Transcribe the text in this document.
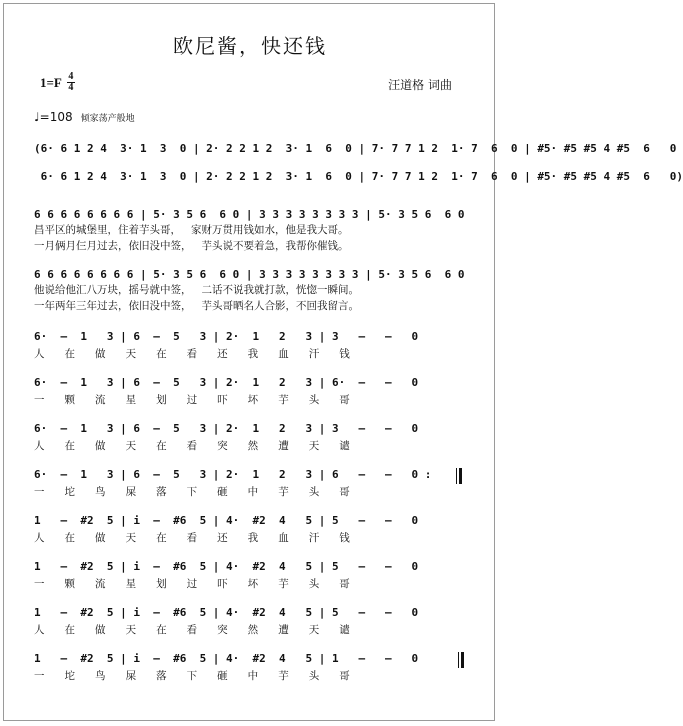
欧尼酱，快还钱
$1=F \frac{4}{4}$	汪道格 词曲
♩=108 倾家荡产般地
(6· 6 1 2 4  3· 1  3  0 | 2· 2 2 1 2  3· 1  6  0 | 7· 7 7 1 2  1· 7  6  0 | #5· #5 #5 4 #5  6   0
6· 6 1 2 4  3· 1  3  0 | 2· 2 2 1 2  3· 1  6  0 | 7· 7 7 1 2  1· 7  6  0 | #5· #5 #5 4 #5  6   0)
6 6 6 6 6 6 6 6 | 5· 3 5 6  6 0 | 3 3 3 3 3 3 3 3 | 5· 3 5 6  6 0
昌平区的城堡里，住着芋头哥，   家财万贯用钱如水，他是我大哥。
一月俩月仨月过去，依旧没中签，   芋头说不要着急，我帮你催钱。
6 6 6 6 6 6 6 6 | 5· 3 5 6  6 0 | 3 3 3 3 3 3 3 3 | 5· 3 5 6  6 0
他说给他汇八万块，摇号就中签，   二话不说我就打款，恍惚一瞬间。
一年两年三年过去，依旧没中签，   芋头哥晒名人合影，不回我留言。
6·  –  1   3 | 6  –  5   3 | 2·  1   2   3 | 3   –   –   0
人      在      做      天      在      看      还      我      血      汗      钱
6·  –  1   3 | 6  –  5   3 | 2·  1   2   3 | 6·  –   –   0
一      颗      流      星      划      过      吓      坏      芋      头      哥
6·  –  1   3 | 6  –  5   3 | 2·  1   2   3 | 3   –   –   0
人      在      做      天      在      看      突      然      遭      天      谴
6·  –  1   3 | 6  –  5   3 | 2·  1   2   3 | 6   –   –   0 :
一      坨      鸟      屎      落      下      砸      中      芋      头      哥
1   –  #2  5 | i  –  #6  5 | 4·  #2  4   5 | 5   –   –   0
人      在      做      天      在      看      还      我      血      汗      钱
1   –  #2  5 | i  –  #6  5 | 4·  #2  4   5 | 5   –   –   0
一      颗      流      星      划      过      吓      坏      芋      头      哥
1   –  #2  5 | i  –  #6  5 | 4·  #2  4   5 | 5   –   –   0
人      在      做      天      在      看      突      然      遭      天      谴
1   –  #2  5 | i  –  #6  5 | 4·  #2  4   5 | 1   –   –   0
一      坨      鸟      屎      落      下      砸      中      芋      头      哥
